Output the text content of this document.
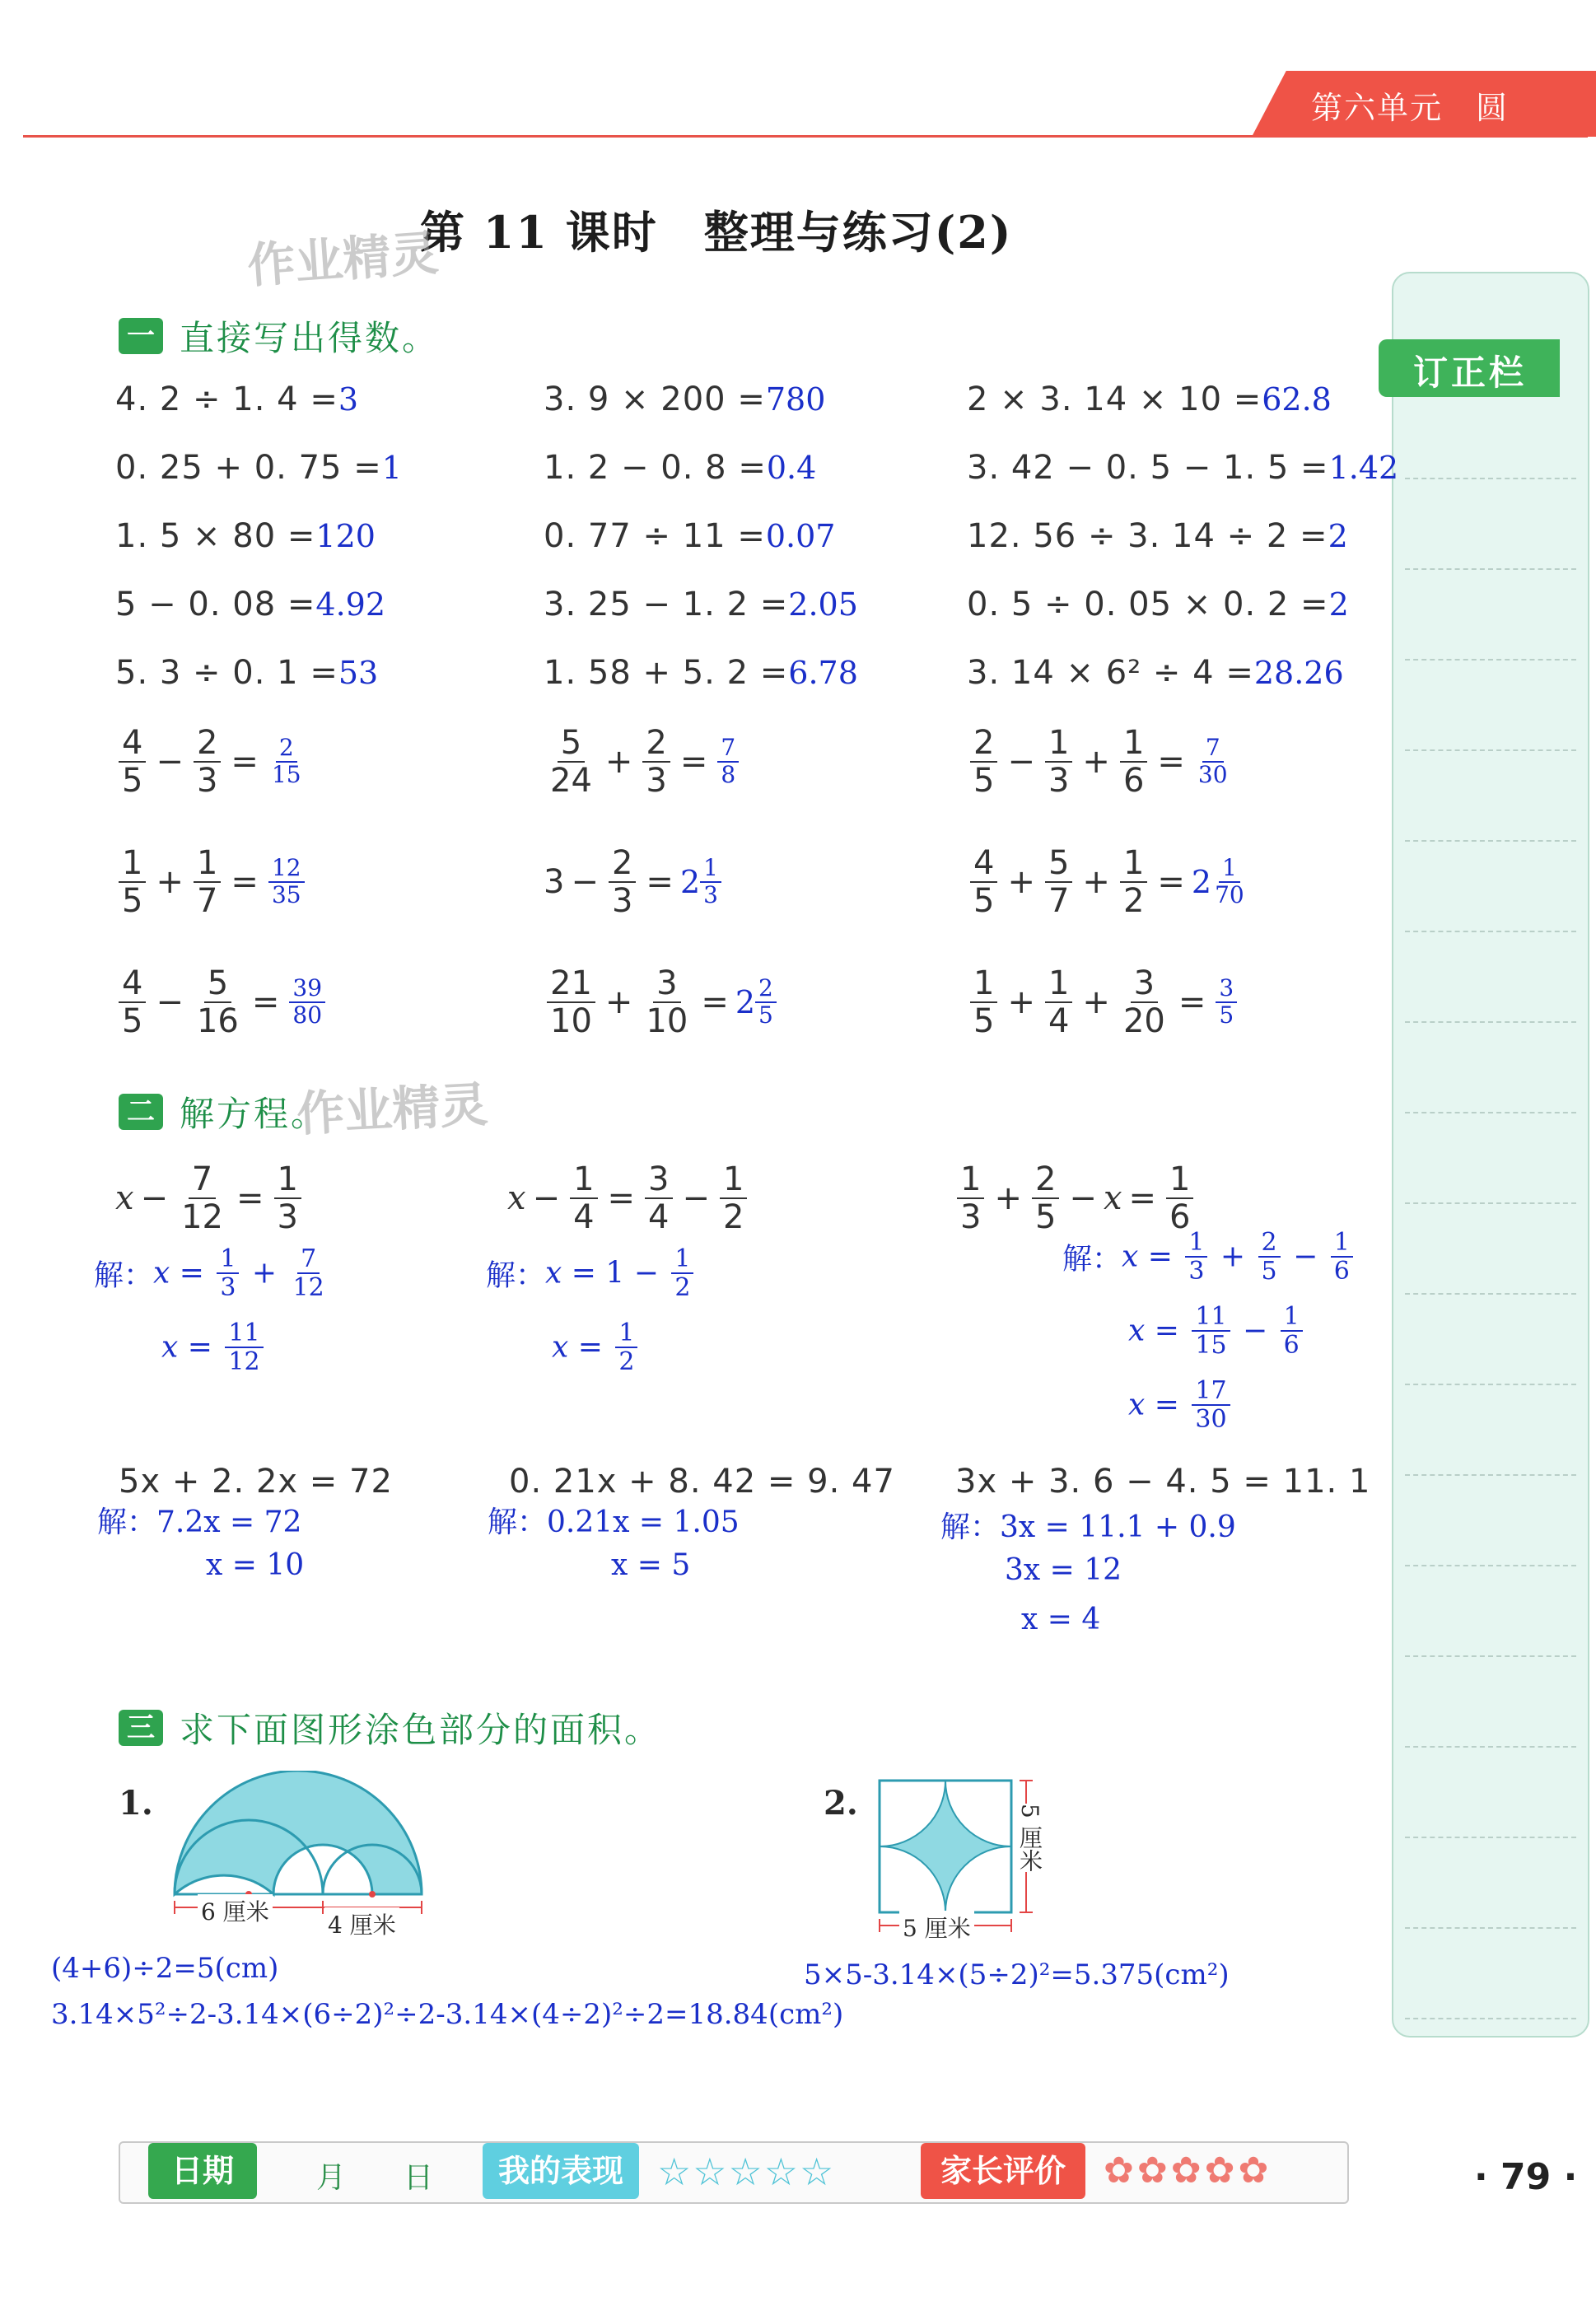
第六单元　圆
第 11 课时　整理与练习(2)
作业精灵
订正栏
一 直接写出得数。
4. 2 ÷ 1. 4 =3	3. 9 × 200 =780	2 × 3. 14 × 10 =62.8
0. 25 + 0. 75 =1	1. 2 − 0. 8 =0.4	3. 42 − 0. 5 − 1. 5 =1.42
1. 5 × 80 =120	0. 77 ÷ 11 =0.07	12. 56 ÷ 3. 14 ÷ 2 =2
5 − 0. 08 =4.92	3. 25 − 1. 2 =2.05	0. 5 ÷ 0. 05 × 0. 2 =2
5. 3 ÷ 0. 1 =53	1. 58 + 5. 2 =6.78	3. 14 × 6² ÷ 4 =28.26
$\frac{4}{5} - \frac{2}{3} = \frac{2}{15}$	$\frac{5}{24} + \frac{2}{3} = \frac{7}{8}$	$\frac{2}{5} - \frac{1}{3} + \frac{1}{6} = \frac{7}{30}$
$\frac{1}{5} + \frac{1}{7} = \frac{12}{35}$	$3 - \frac{2}{3} = 2 \frac{1}{3}$	$\frac{4}{5} + \frac{5}{7} + \frac{1}{2} = 2 \frac{1}{70}$
$\frac{4}{5} - \frac{5}{16} = \frac{39}{80}$	$\frac{21}{10} + \frac{3}{10} = 2 \frac{2}{5}$	$\frac{1}{5} + \frac{1}{4} + \frac{3}{20} = \frac{3}{5}$
二 解方程。
作业精灵
$x - \frac{7}{12} = \frac{1}{3}$
解：$x = \frac{1}{3} + \frac{7}{12}$
$x = \frac{11}{12}$
$x - \frac{1}{4} = \frac{3}{4} - \frac{1}{2}$
解：$x = 1 - \frac{1}{2}$
$x = \frac{1}{2}$
$\frac{1}{3} + \frac{2}{5} - x = \frac{1}{6}$
解：$x = \frac{1}{3} + \frac{2}{5} - \frac{1}{6}$
$x = \frac{11}{15} - \frac{1}{6}$
$x = \frac{17}{30}$
5x + 2. 2x = 72
解：7.2x = 72
x = 10
0. 21x + 8. 42 = 9. 47
解：0.21x = 1.05
x = 5
3x + 3. 6 − 4. 5 = 11. 1
解：3x = 11.1 + 0.9
3x = 12
x = 4
三 求下面图形涂色部分的面积。
1.
6 厘米	4 厘米
(4+6)÷2=5(cm)
3.14×5²÷2-3.14×(6÷2)²÷2-3.14×(4÷2)²÷2=18.84(cm²)
2.
5 厘米
5 厘米
5×5-3.14×(5÷2)²=5.375(cm²)
日期	月 日	我的表现 ☆☆☆☆☆	家长评价	✿✿✿✿✿	· 79 ·
